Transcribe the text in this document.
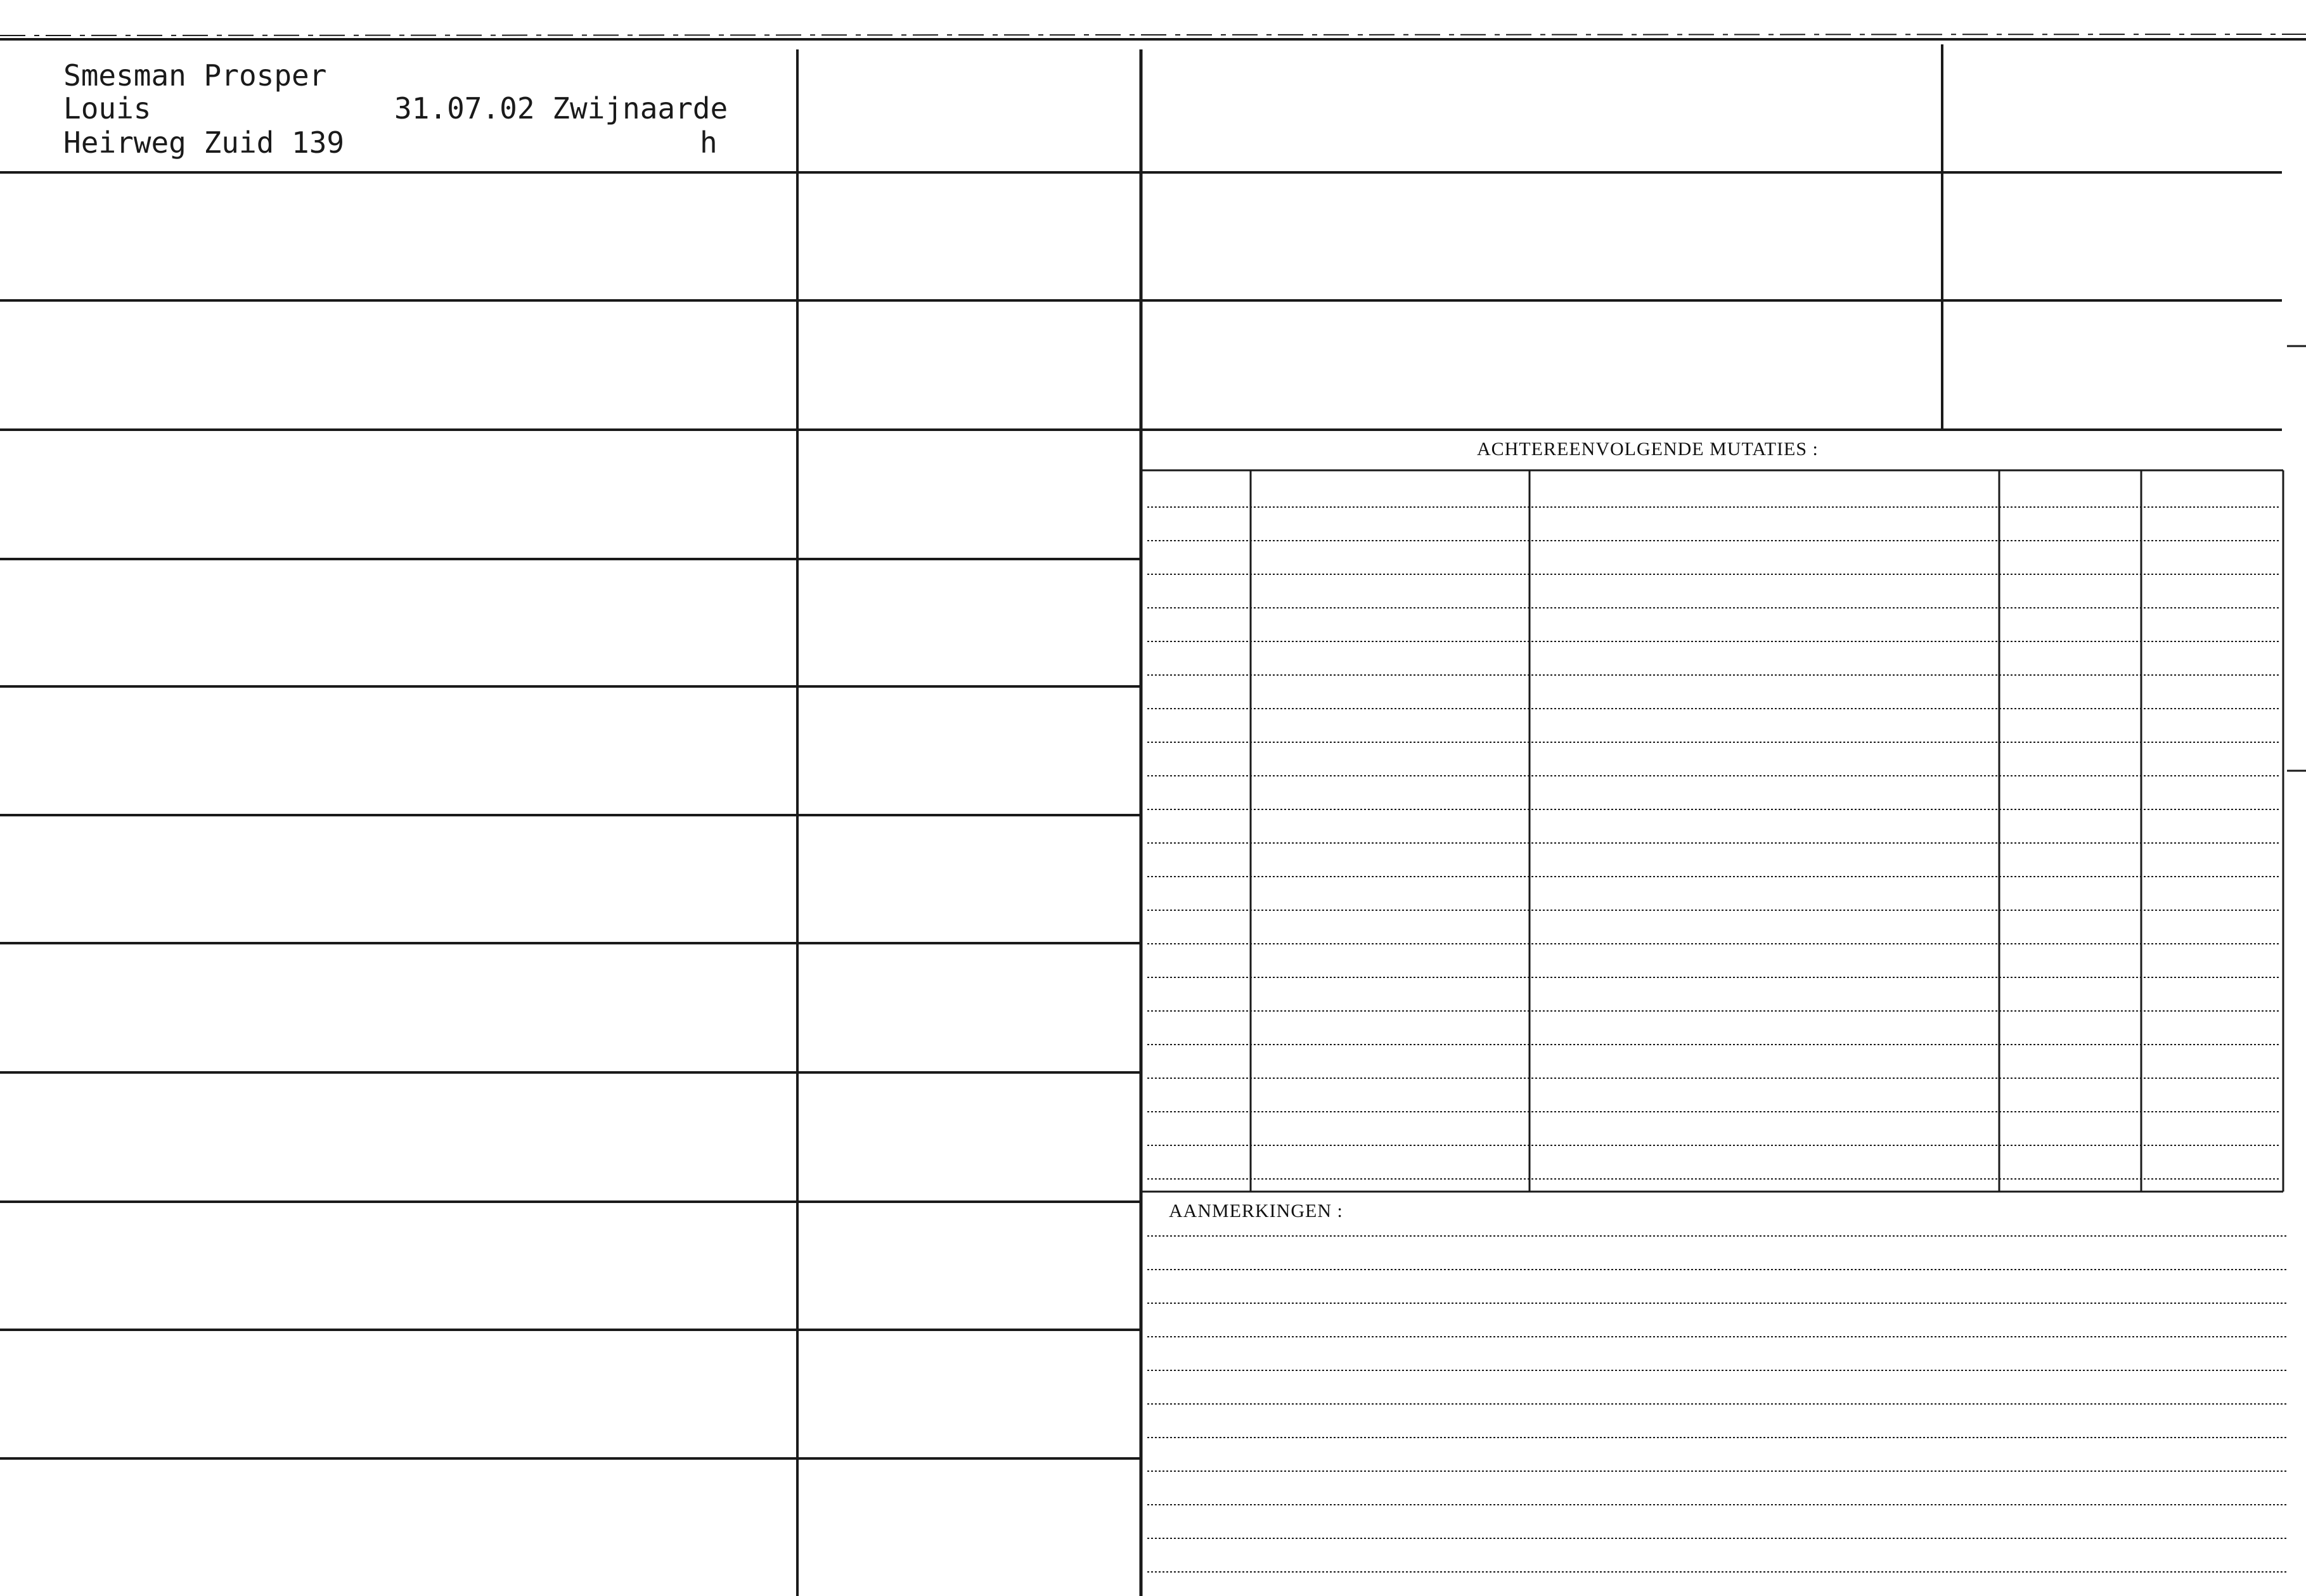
Smesman Prosper
Louis	31.07.02 Zwijnaarde
Heirweg Zuid 139	h
ACHTEREENVOLGENDE MUTATIES :
AANMERKINGEN :
